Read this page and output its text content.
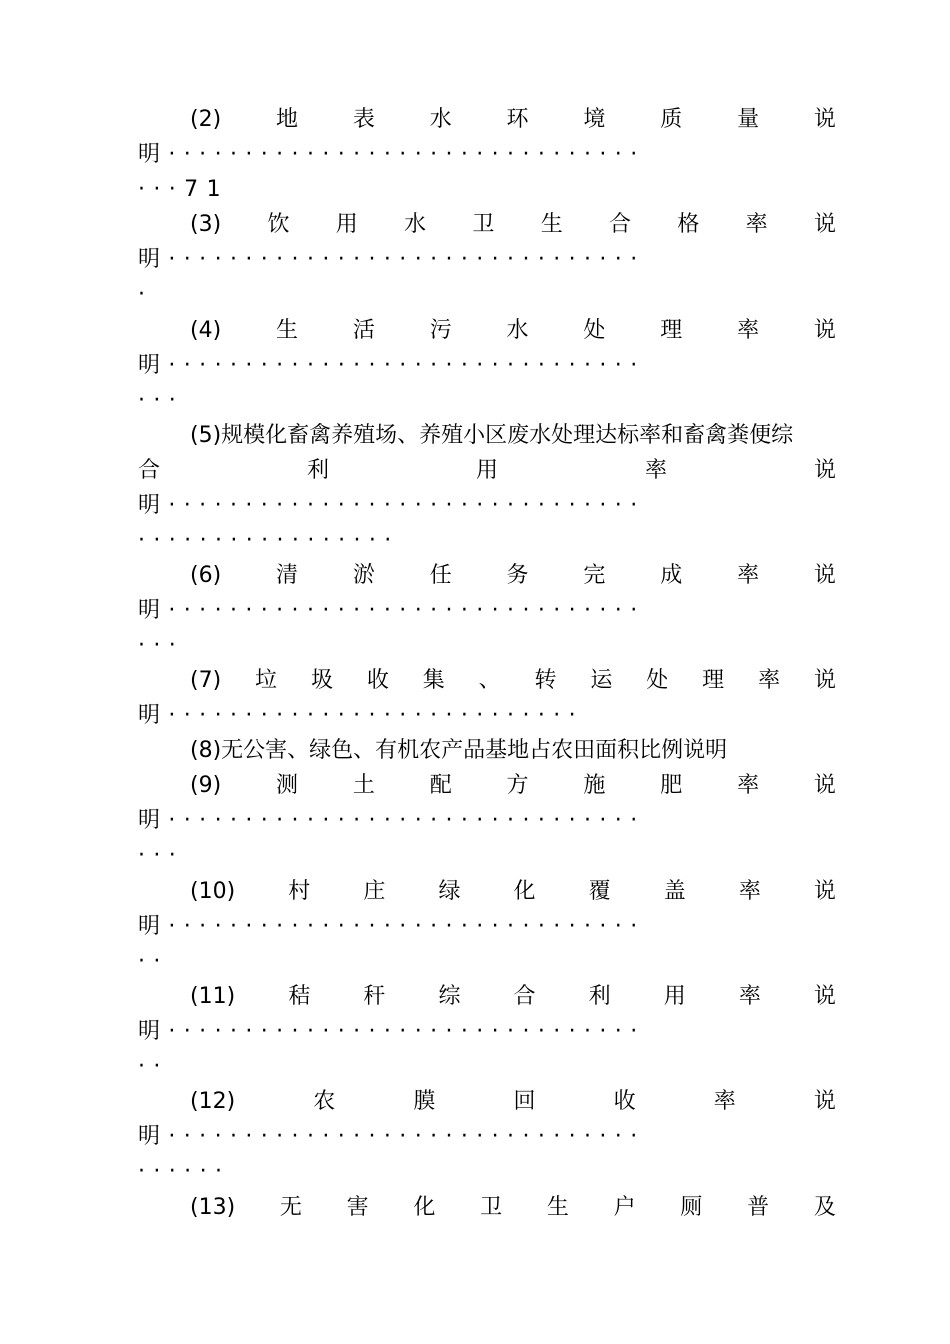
(2) 地 表 水 环 境 质 量 说
明·······························
···71
(3) 饮 用 水 卫 生 合 格 率 说
明·······························
·
(4) 生 活 污 水 处 理 率 说
明·······························
···
(5)规模化畜禽养殖场、养殖小区废水处理达标率和畜禽粪便综
合	利	用	率	说
明·······························
·················
(6) 清 淤 任 务 完 成 率 说
明·······························
···
(7) 垃 圾 收 集 、 转 运 处 理 率 说
明···························
(8)无公害、绿色、有机农产品基地占农田面积比例说明
(9) 测 土 配 方 施 肥 率 说
明·······························
···
(10) 村 庄 绿 化 覆 盖 率 说
明·······························
··
(11) 秸 秆 综 合 利 用 率 说
明·······························
··
(12)	农	膜	回	收	率	说
明·······························
······
(13) 无 害 化 卫 生 户 厕 普 及
